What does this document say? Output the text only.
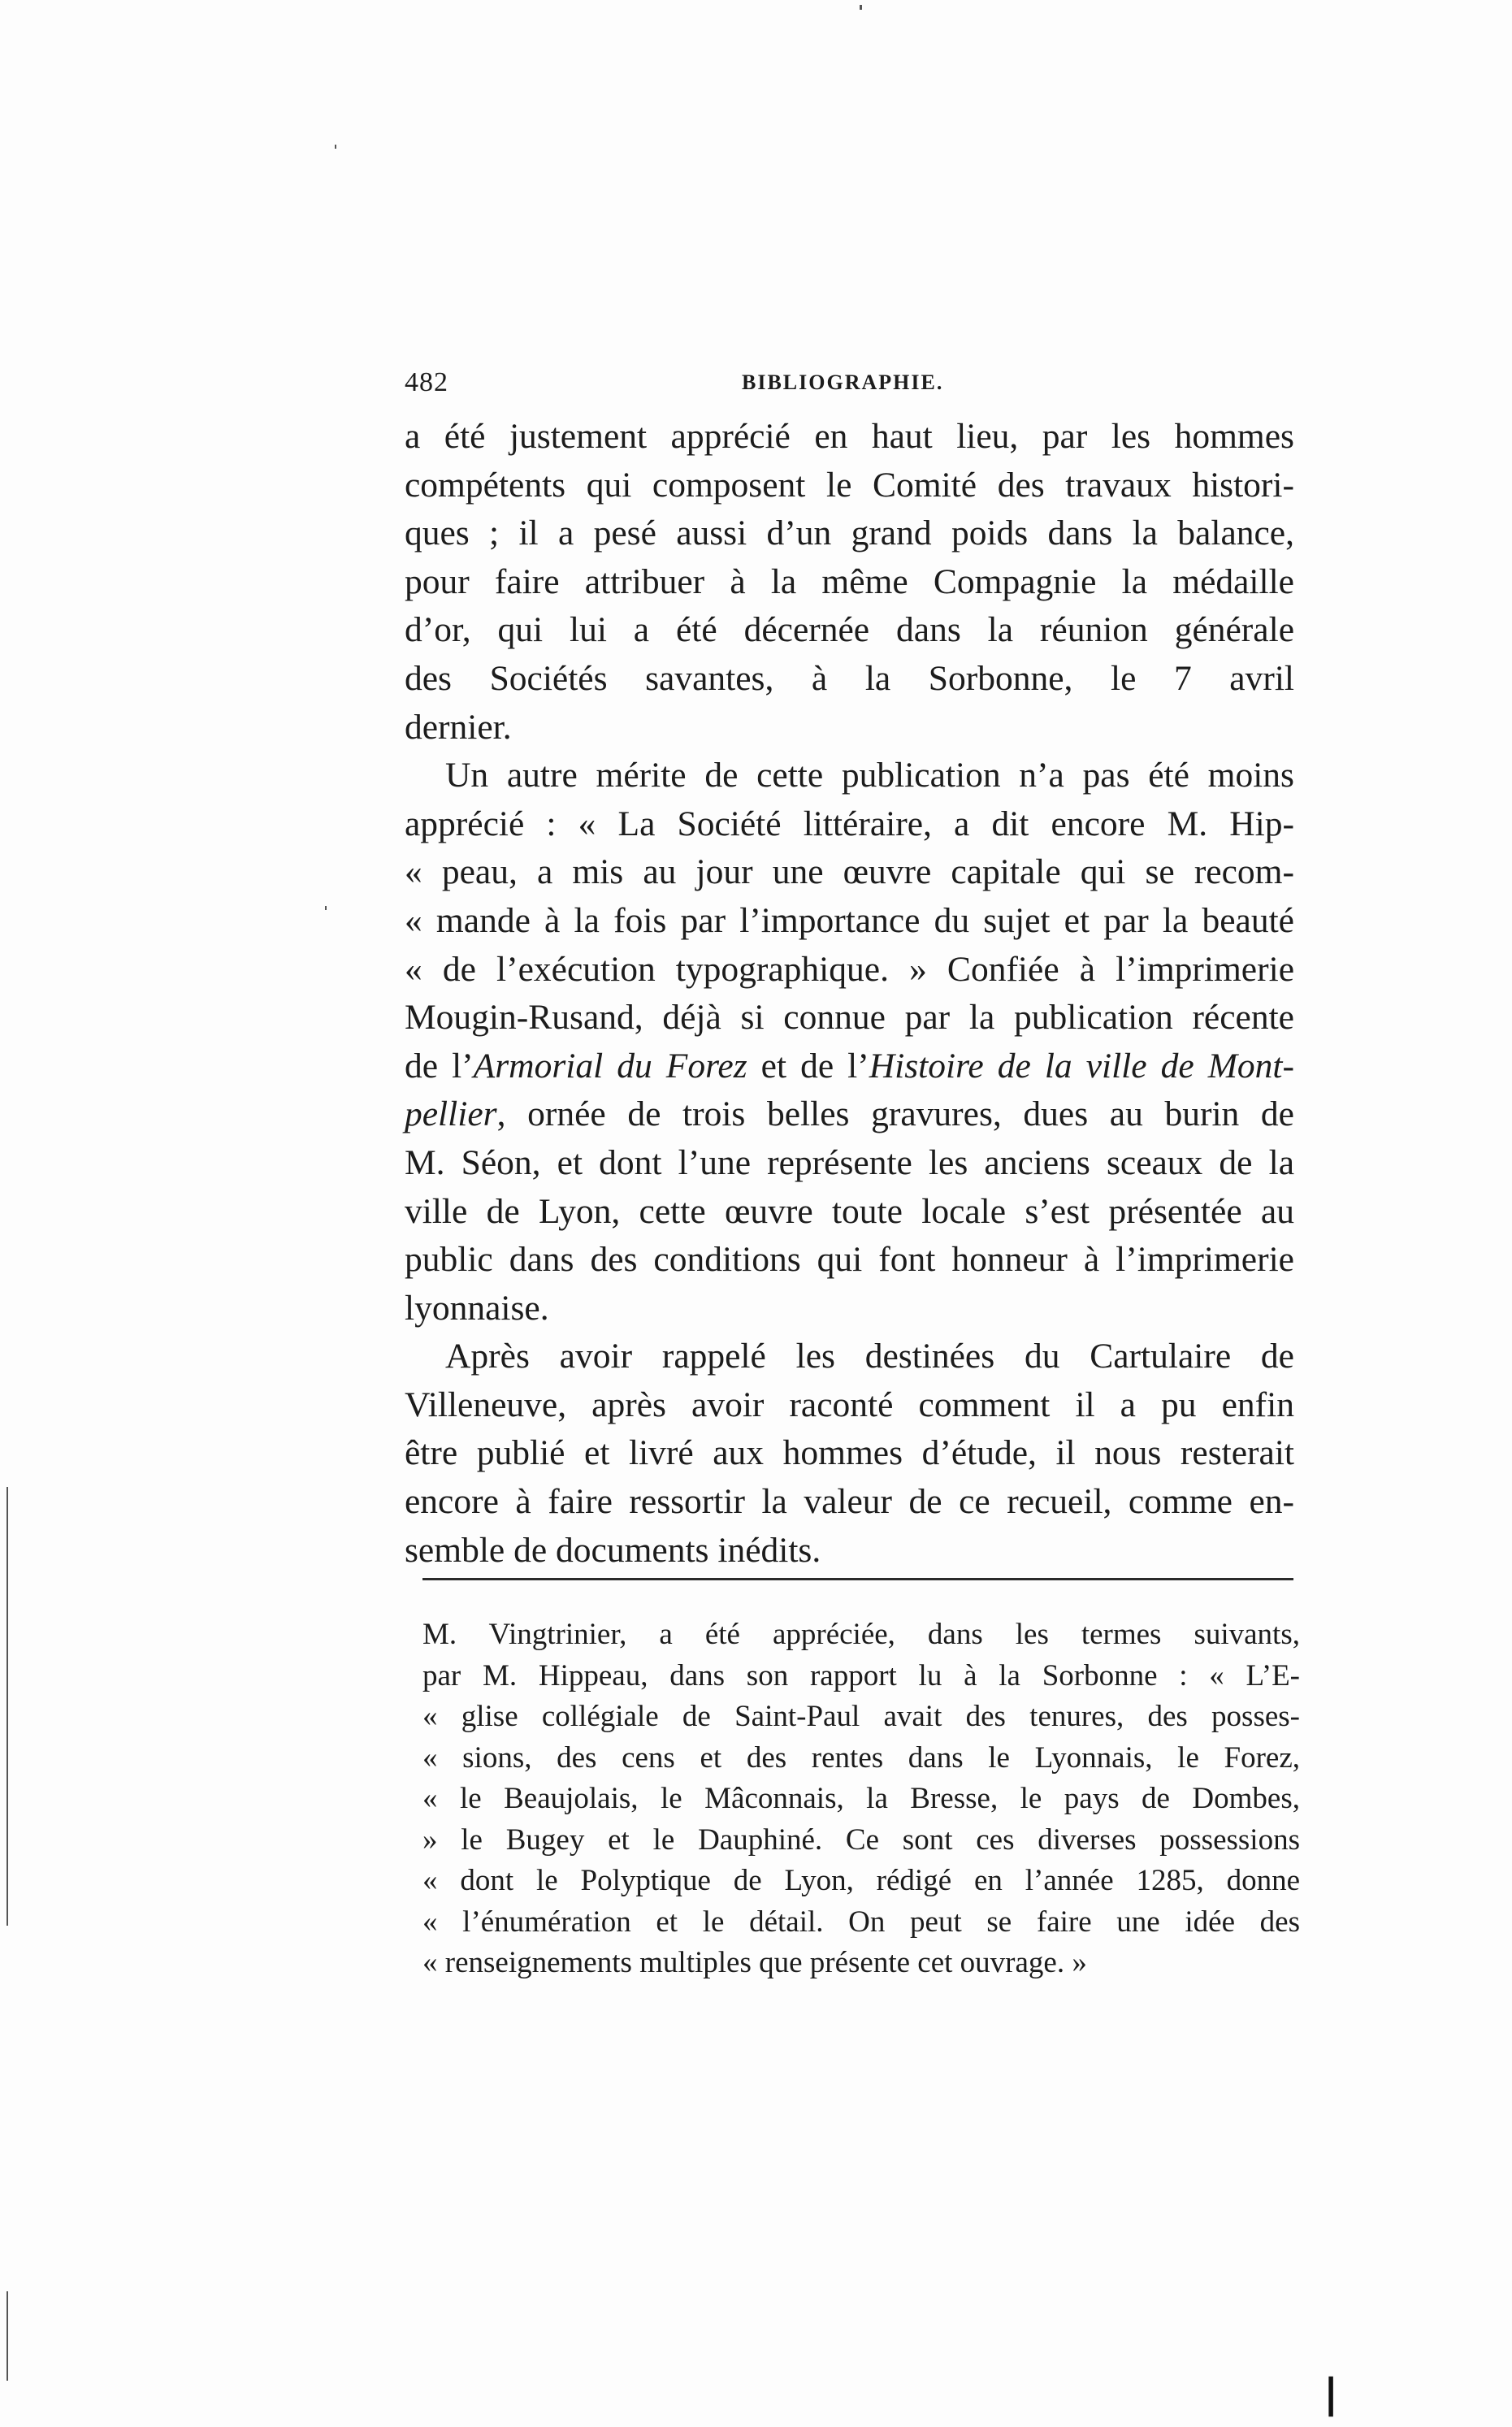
482	BIBLIOGRAPHIE.

a été justement apprécié en haut lieu, par les hommes
compétents qui composent le Comité des travaux histori-
ques ; il a pesé aussi d’un grand poids dans la balance,
pour faire attribuer à la même Compagnie la médaille
d’or, qui lui a été décernée dans la réunion générale
des Sociétés savantes, à la Sorbonne, le 7 avril
dernier.

Un autre mérite de cette publication n’a pas été moins
apprécié : « La Société littéraire, a dit encore M. Hip-
« peau, a mis au jour une œuvre capitale qui se recom-
« mande à la fois par l’importance du sujet et par la beauté
« de l’exécution typographique. » Confiée à l’imprimerie
Mougin-Rusand, déjà si connue par la publication récente
de l’Armorial du Forez et de l’Histoire de la ville de Mont-
pellier, ornée de trois belles gravures, dues au burin de
M. Séon, et dont l’une représente les anciens sceaux de la
ville de Lyon, cette œuvre toute locale s’est présentée au
public dans des conditions qui font honneur à l’imprimerie
lyonnaise.

Après avoir rappelé les destinées du Cartulaire de
Villeneuve, après avoir raconté comment il a pu enfin
être publié et livré aux hommes d’étude, il nous resterait
encore à faire ressortir la valeur de ce recueil, comme en-
semble de documents inédits.

M. Vingtrinier, a été appréciée, dans les termes suivants,
par M. Hippeau, dans son rapport lu à la Sorbonne : « L’E-
« glise collégiale de Saint-Paul avait des tenures, des posses-
« sions, des cens et des rentes dans le Lyonnais, le Forez,
« le Beaujolais, le Mâconnais, la Bresse, le pays de Dombes,
» le Bugey et le Dauphiné. Ce sont ces diverses possessions
« dont le Polyptique de Lyon, rédigé en l’année 1285, donne
« l’énumération et le détail. On peut se faire une idée des
« renseignements multiples que présente cet ouvrage. »
❘
